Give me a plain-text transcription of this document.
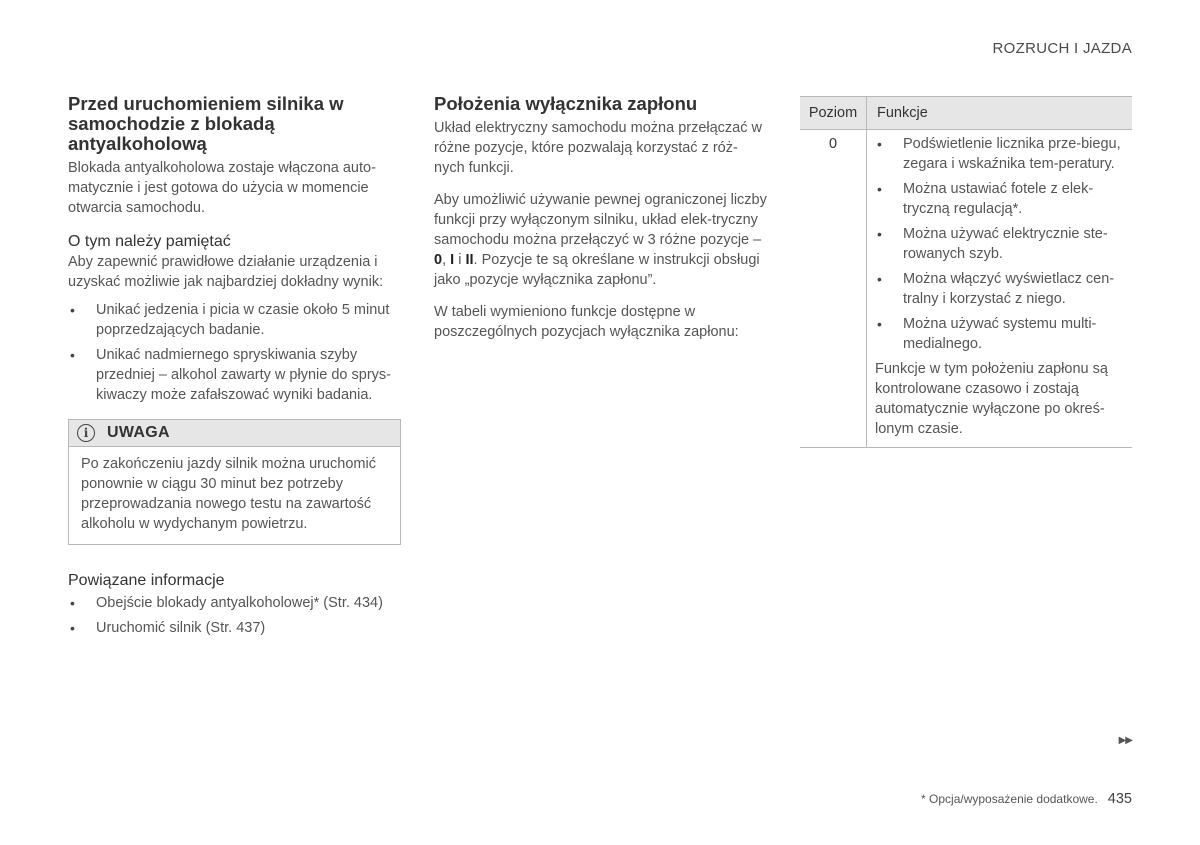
ROZRUCH I JAZDA
Przed uruchomieniem silnika w samochodzie z blokadą antyalkoholową

Blokada antyalkoholowa zostaje włączona auto-matycznie i jest gotowa do użycia w momencie otwarcia samochodu.

O tym należy pamiętać

Aby zapewnić prawidłowe działanie urządzenia i uzyskać możliwie jak najbardziej dokładny wynik:

• Unikać jedzenia i picia w czasie około 5 minut poprzedzających badanie.
• Unikać nadmiernego spryskiwania szyby przedniej – alkohol zawarty w płynie do sprys-kiwaczy może zafałszować wyniki badania.
i	UWAGA
Po zakończeniu jazdy silnik można uruchomić ponownie w ciągu 30 minut bez potrzeby przeprowadzania nowego testu na zawartość alkoholu w wydychanym powietrzu.
Powiązane informacje
• Obejście blokady antyalkoholowej* (Str. 434)
• Uruchomić silnik (Str. 437)
Położenia wyłącznika zapłonu

Układ elektryczny samochodu można przełączać w różne pozycje, które pozwalają korzystać z róż-nych funkcji.

Aby umożliwić używanie pewnej ograniczonej liczby funkcji przy wyłączonym silniku, układ elek-tryczny samochodu można przełączyć w 3 różne pozycje – 0, I i II. Pozycje te są określane w instrukcji obsługi jako „pozycje wyłącznika zapłonu”.

W tabeli wymieniono funkcje dostępne w poszczególnych pozycjach wyłącznika zapłonu:

Poziom	Funkcje
0	• Podświetlenie licznika prze-biegu, zegara i wskaźnika tem-peratury.
• Można ustawiać fotele z elek-tryczną regulacją*.
• Można używać elektrycznie ste-rowanych szyb.
• Można włączyć wyświetlacz cen-tralny i korzystać z niego.
• Można używać systemu multi-medialnego.

Funkcje w tym położeniu zapłonu są kontrolowane czasowo i zostają automatycznie wyłączone po okreś-lonym czasie.

▶▶
* Opcja/wyposażenie dodatkowe. 435
